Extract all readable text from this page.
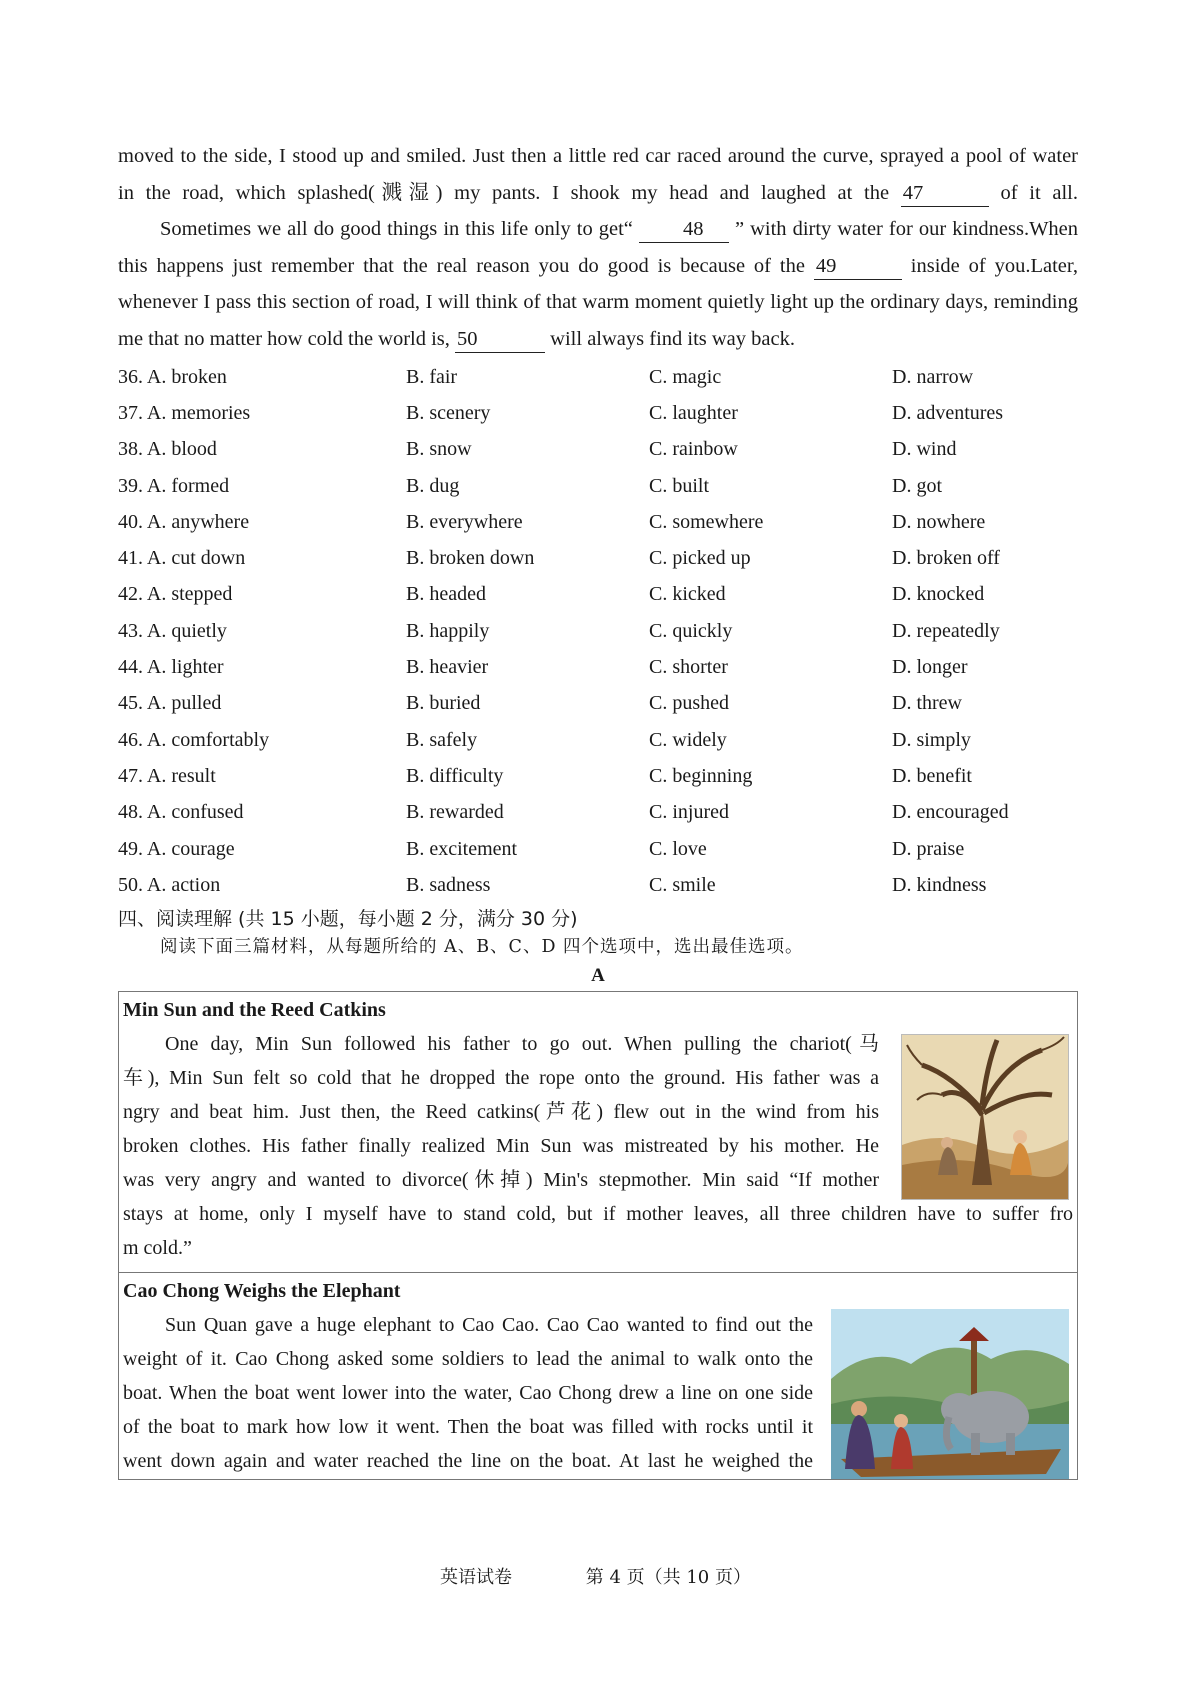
moved to the side, I stood up and smiled. Just then a little red car raced around the curve, sprayed a pool of water

in the road, which splashed(溅湿) my pants. I shook my head and laughed at the 47	of it all.

Sometimes we all do good things in this life only to get“ 48 ” with dirty water for our kindness.When

this happens just remember that the real reason you do good is because of the 49	inside of you.Later,

whenever I pass this section of road, I will think of that warm moment quietly light up the ordinary days, reminding

me that no matter how cold the world is, 50	will always find its way back.

36. A. broken	B. fair	C. magic	D. narrow
37. A. memories	B. scenery	C. laughter	D. adventures
38. A. blood	B. snow	C. rainbow	D. wind
39. A. formed	B. dug	C. built	D. got
40. A. anywhere	B. everywhere	C. somewhere	D. nowhere
41. A. cut down	B. broken down	C. picked up	D. broken off
42. A. stepped	B. headed	C. kicked	D. knocked
43. A. quietly	B. happily	C. quickly	D. repeatedly
44. A. lighter	B. heavier	C. shorter	D. longer
45. A. pulled	B. buried	C. pushed	D. threw
46. A. comfortably	B. safely	C. widely	D. simply
47. A. result	B. difficulty	C. beginning	D. benefit
48. A. confused	B. rewarded	C. injured	D. encouraged
49. A. courage	B. excitement	C. love	D. praise
50. A. action	B. sadness	C. smile	D. kindness
四、阅读理解 (共 15 小题，每小题 2 分，满分 30 分)
阅读下面三篇材料，从每题所给的 A、B、C、D 四个选项中，选出最佳选项。
A
Min Sun and the Reed Catkins

One day, Min Sun followed his father to go out. When pulling the chariot(马

车), Min Sun felt so cold that he dropped the rope onto the ground. His father was a

ngry and beat him. Just then, the Reed catkins(芦花) flew out in the wind from his

broken clothes. His father finally realized Min Sun was mistreated by his mother. He

was very angry and wanted to divorce(休掉) Min's stepmother. Min said “If mother

stays at home, only I myself have to stand cold, but if mother leaves, all three children have to suffer fro

m cold.”

Cao Chong Weighs the Elephant

Sun Quan gave a huge elephant to Cao Cao. Cao Cao wanted to find out the

weight of it. Cao Chong asked some soldiers to lead the animal to walk onto the

boat. When the boat went lower into the water, Cao Chong drew a line on one side

of the boat to mark how low it went. Then the boat was filled with rocks until it

went down again and water reached the line on the boat. At last he weighed the

英语试卷	第 4 页（共 10 页）
